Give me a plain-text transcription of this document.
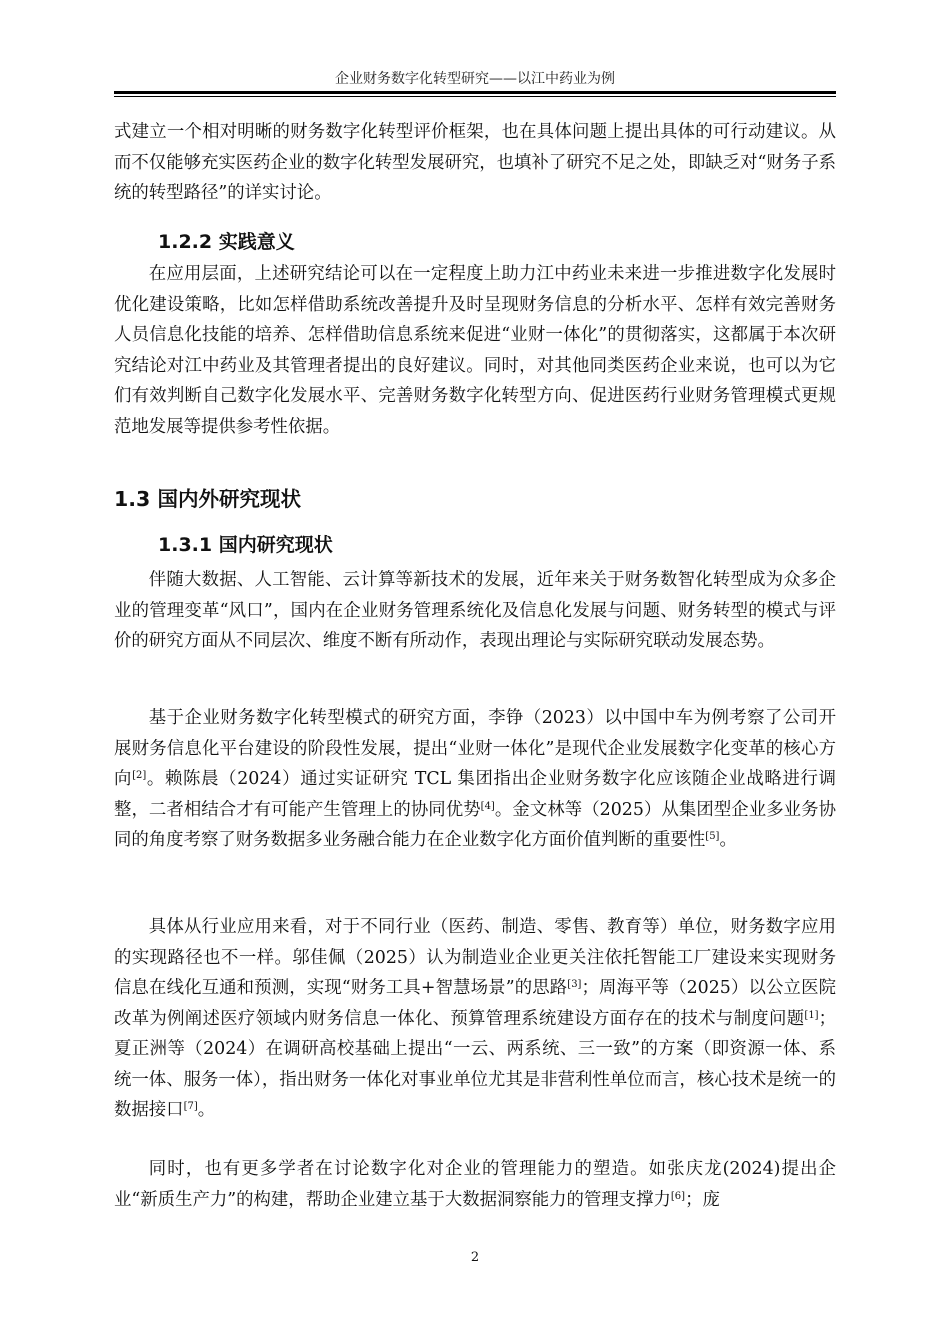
企业财务数字化转型研究——以江中药业为例

式建立一个相对明晰的财务数字化转型评价框架，也在具体问题上提出具体的可行动建议。从而不仅能够充实医药企业的数字化转型发展研究，也填补了研究不足之处，即缺乏对“财务子系统的转型路径”的详实讨论。

1.2.2 实践意义

在应用层面，上述研究结论可以在一定程度上助力江中药业未来进一步推进数字化发展时优化建设策略，比如怎样借助系统改善提升及时呈现财务信息的分析水平、怎样有效完善财务人员信息化技能的培养、怎样借助信息系统来促进“业财一体化”的贯彻落实，这都属于本次研究结论对江中药业及其管理者提出的良好建议。同时，对其他同类医药企业来说，也可以为它们有效判断自己数字化发展水平、完善财务数字化转型方向、促进医药行业财务管理模式更规范地发展等提供参考性依据。

1.3 国内外研究现状
1.3.1 国内研究现状

伴随大数据、人工智能、云计算等新技术的发展，近年来关于财务数智化转型成为众多企业的管理变革“风口”，国内在企业财务管理系统化及信息化发展与问题、财务转型的模式与评价的研究方面从不同层次、维度不断有所动作，表现出理论与实际研究联动发展态势。

基于企业财务数字化转型模式的研究方面，李铮（2023）以中国中车为例考察了公司开展财务信息化平台建设的阶段性发展，提出“业财一体化”是现代企业发展数字化变革的核心方向[2]。赖陈晨（2024）通过实证研究 TCL 集团指出企业财务数字化应该随企业战略进行调整，二者相结合才有可能产生管理上的协同优势[4]。金文林等（2025）从集团型企业多业务协同的角度考察了财务数据多业务融合能力在企业数字化方面价值判断的重要性[5]。

具体从行业应用来看，对于不同行业（医药、制造、零售、教育等）单位，财务数字应用的实现路径也不一样。邬佳佩（2025）认为制造业企业更关注依托智能工厂建设来实现财务信息在线化互通和预测，实现“财务工具+智慧场景”的思路[3]；周海平等（2025）以公立医院改革为例阐述医疗领域内财务信息一体化、预算管理系统建设方面存在的技术与制度问题[1]；夏正洲等（2024）在调研高校基础上提出“一云、两系统、三一致”的方案（即资源一体、系统一体、服务一体），指出财务一体化对事业单位尤其是非营利性单位而言，核心技术是统一的数据接口[7]。

同时，也有更多学者在讨论数字化对企业的管理能力的塑造。如张庆龙(2024)提出企业“新质生产力”的构建，帮助企业建立基于大数据洞察能力的管理支撑力[6]；庞

2
